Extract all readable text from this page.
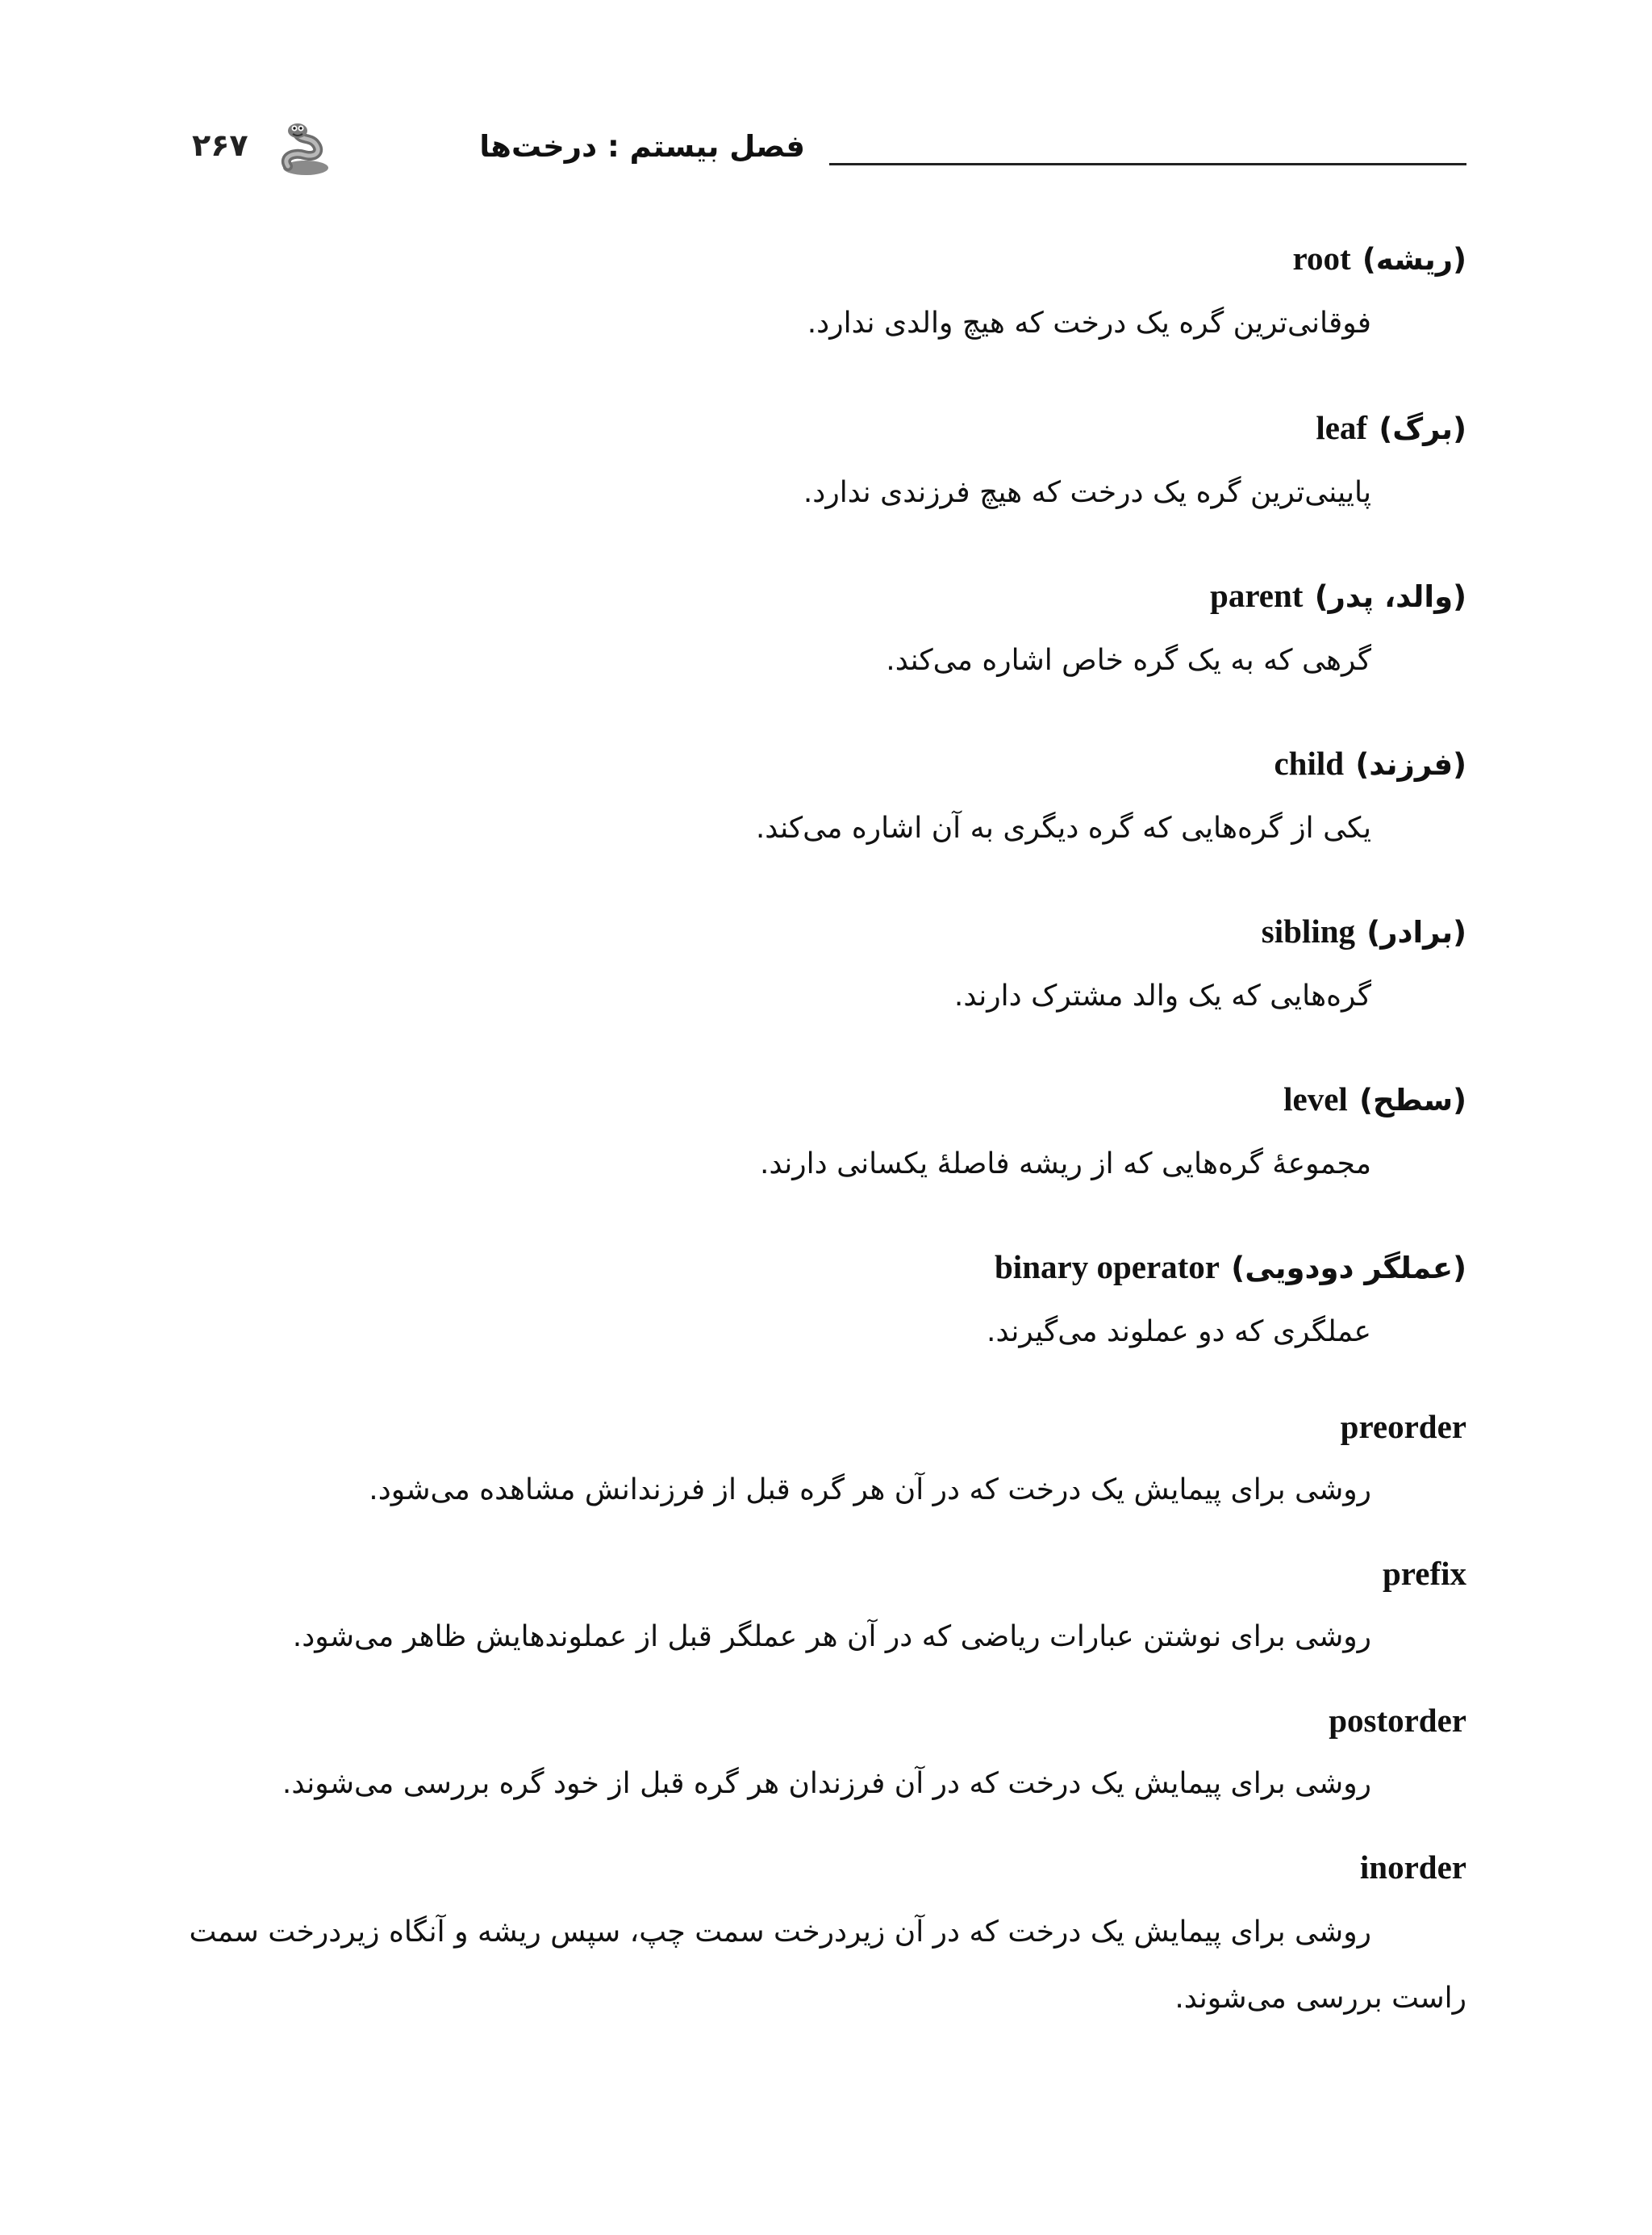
۲۶۷	فصل بیستم : درخت‌ها
root (ریشه)
فوقانی‌ترین گره یک درخت که هیچ والدی ندارد.
leaf (برگ)
پایینی‌ترین گره یک درخت که هیچ فرزندی ندارد.
parent (والد، پدر)
گرهی که به یک گره خاص اشاره می‌کند.
child (فرزند)
یکی از گره‌هایی که گره دیگری به آن اشاره می‌کند.
sibling (برادر)
گره‌هایی که یک والد مشترک دارند.
level (سطح)
مجموعهٔ گره‌هایی که از ریشه فاصلهٔ یکسانی دارند.
binary operator (عملگر دودویی)
عملگری که دو عملوند می‌گیرند.
preorder
روشی برای پیمایش یک درخت که در آن هر گره قبل از فرزندانش مشاهده می‌شود.
prefix
روشی برای نوشتن عبارات ریاضی که در آن هر عملگر قبل از عملوندهایش ظاهر می‌شود.
postorder
روشی برای پیمایش یک درخت که در آن فرزندان هر گره قبل از خود گره بررسی می‌شوند.
inorder
روشی برای پیمایش یک درخت که در آن زیردرخت سمت چپ، سپس ریشه و آنگاه زیردرخت سمت راست بررسی می‌شوند.
